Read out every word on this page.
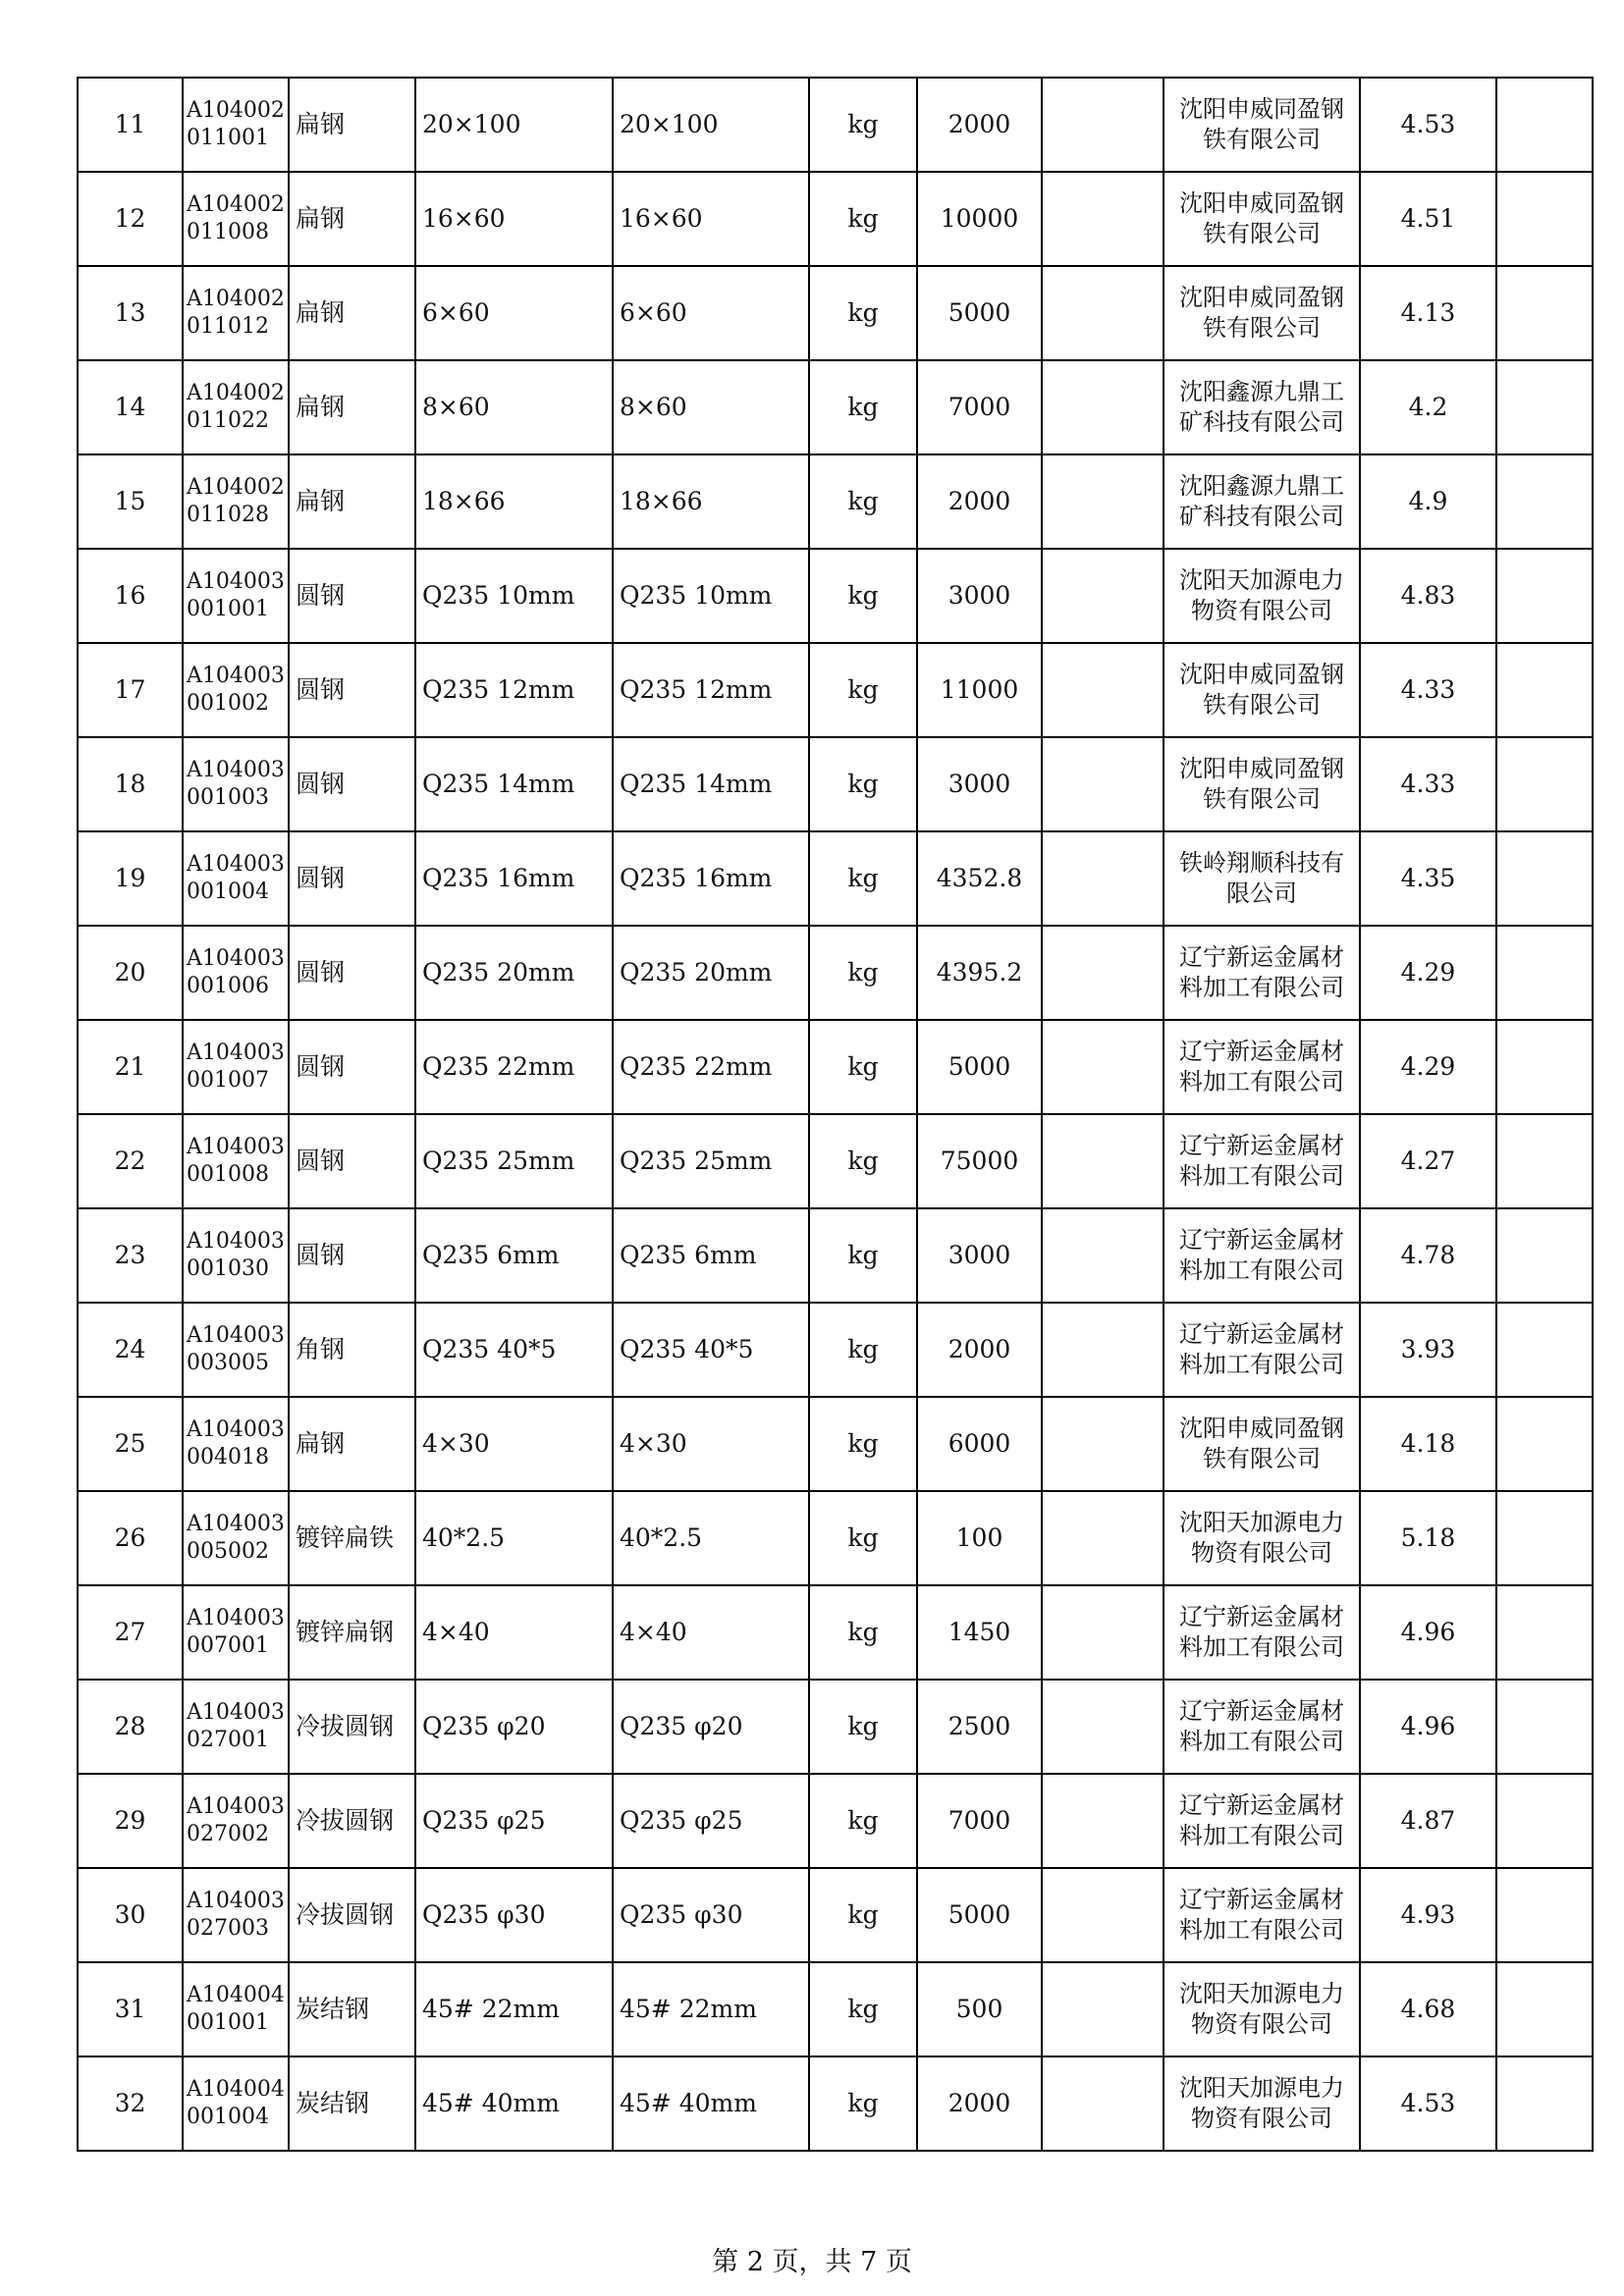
11	A104002011001	扁钢	20×100	20×100	kg	2000		沈阳申威同盈钢铁有限公司	4.53	
12	A104002011008	扁钢	16×60	16×60	kg	10000		沈阳申威同盈钢铁有限公司	4.51	
13	A104002011012	扁钢	6×60	6×60	kg	5000		沈阳申威同盈钢铁有限公司	4.13	
14	A104002011022	扁钢	8×60	8×60	kg	7000		沈阳鑫源九鼎工矿科技有限公司	4.2	
15	A104002011028	扁钢	18×66	18×66	kg	2000		沈阳鑫源九鼎工矿科技有限公司	4.9	
16	A104003001001	圆钢	Q235 10mm	Q235 10mm	kg	3000		沈阳天加源电力物资有限公司	4.83	
17	A104003001002	圆钢	Q235 12mm	Q235 12mm	kg	11000		沈阳申威同盈钢铁有限公司	4.33	
18	A104003001003	圆钢	Q235 14mm	Q235 14mm	kg	3000		沈阳申威同盈钢铁有限公司	4.33	
19	A104003001004	圆钢	Q235 16mm	Q235 16mm	kg	4352.8		铁岭翔顺科技有限公司	4.35	
20	A104003001006	圆钢	Q235 20mm	Q235 20mm	kg	4395.2		辽宁新运金属材料加工有限公司	4.29	
21	A104003001007	圆钢	Q235 22mm	Q235 22mm	kg	5000		辽宁新运金属材料加工有限公司	4.29	
22	A104003001008	圆钢	Q235 25mm	Q235 25mm	kg	75000		辽宁新运金属材料加工有限公司	4.27	
23	A104003001030	圆钢	Q235 6mm	Q235 6mm	kg	3000		辽宁新运金属材料加工有限公司	4.78	
24	A104003003005	角钢	Q235 40*5	Q235 40*5	kg	2000		辽宁新运金属材料加工有限公司	3.93	
25	A104003004018	扁钢	4×30	4×30	kg	6000		沈阳申威同盈钢铁有限公司	4.18	
26	A104003005002	镀锌扁铁	40*2.5	40*2.5	kg	100		沈阳天加源电力物资有限公司	5.18	
27	A104003007001	镀锌扁钢	4×40	4×40	kg	1450		辽宁新运金属材料加工有限公司	4.96	
28	A104003027001	冷拔圆钢	Q235 φ20	Q235 φ20	kg	2500		辽宁新运金属材料加工有限公司	4.96	
29	A104003027002	冷拔圆钢	Q235 φ25	Q235 φ25	kg	7000		辽宁新运金属材料加工有限公司	4.87	
30	A104003027003	冷拔圆钢	Q235 φ30	Q235 φ30	kg	5000		辽宁新运金属材料加工有限公司	4.93	
31	A104004001001	炭结钢	45# 22mm	45# 22mm	kg	500		沈阳天加源电力物资有限公司	4.68	
32	A104004001004	炭结钢	45# 40mm	45# 40mm	kg	2000		沈阳天加源电力物资有限公司	4.53	
第 2 页，共 7 页
